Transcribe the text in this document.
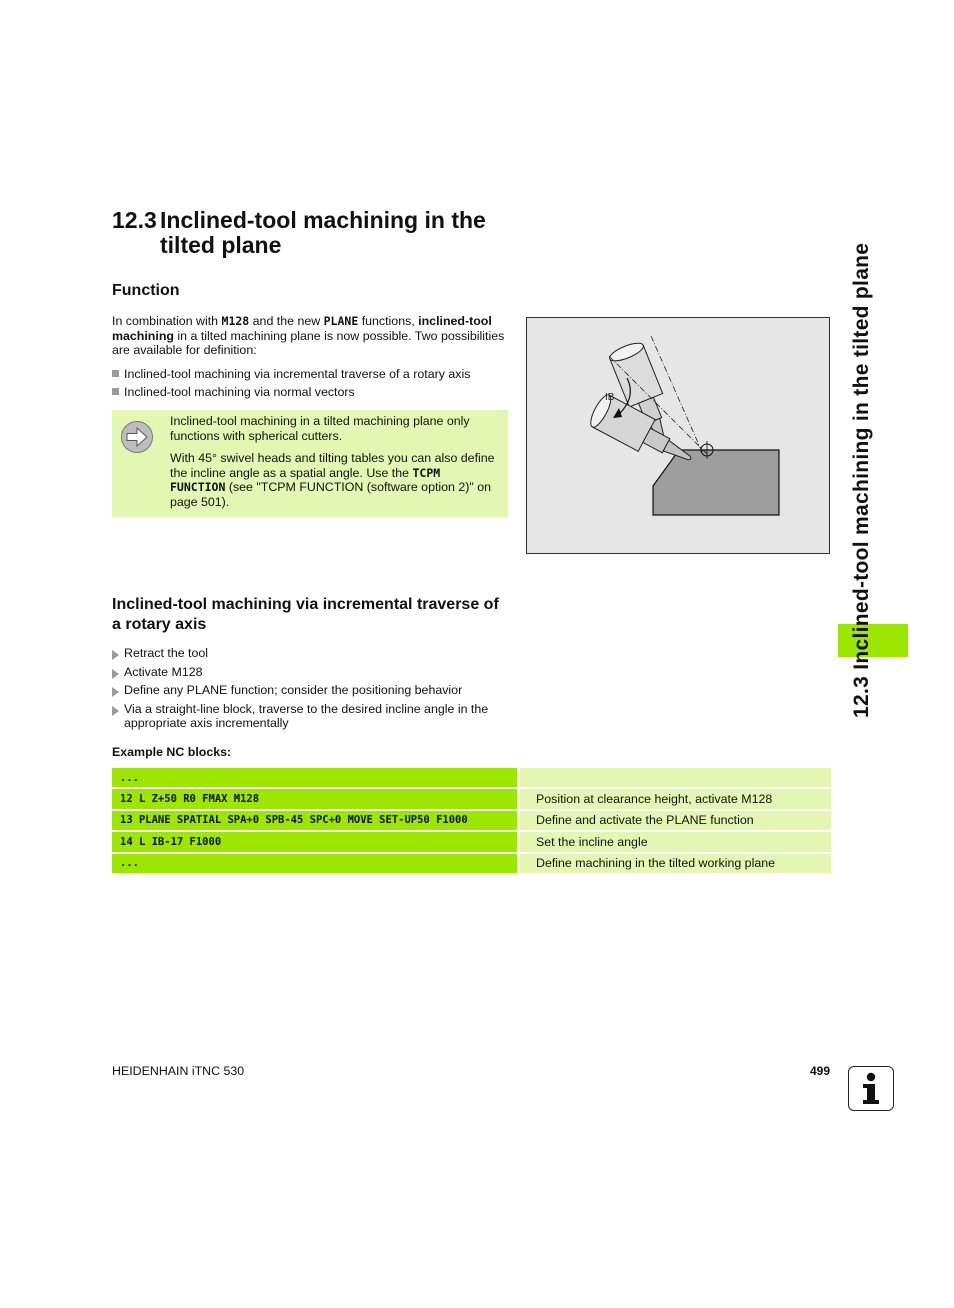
12.3 Inclined-tool machining in the tilted plane
Function

In combination with M128 and the new PLANE functions, inclined-tool machining in a tilted machining plane is now possible. Two possibilities are available for definition:

Inclined-tool machining via incremental traverse of a rotary axis
Inclined-tool machining via normal vectors

Inclined-tool machining in a tilted machining plane only functions with spherical cutters.

With 45° swivel heads and tilting tables you can also define the incline angle as a spatial angle. Use the TCPM FUNCTION (see "TCPM FUNCTION (software option 2)" on page 501).

IB
Inclined-tool machining via incremental traverse of a rotary axis
Retract the tool
Activate M128
Define any PLANE function; consider the positioning behavior
Via a straight-line block, traverse to the desired incline angle in the appropriate axis incrementally

Example NC blocks:

...		
12 L Z+50 R0 FMAX M128		Position at clearance height, activate M128
13 PLANE SPATIAL SPA+0 SPB-45 SPC+0 MOVE SET-UP50 F1000		Define and activate the PLANE function
14 L IB-17 F1000		Set the incline angle
...		Define machining in the tilted working plane
12.3 Inclined-tool machining in the tilted plane
HEIDENHAIN iTNC 530	499
